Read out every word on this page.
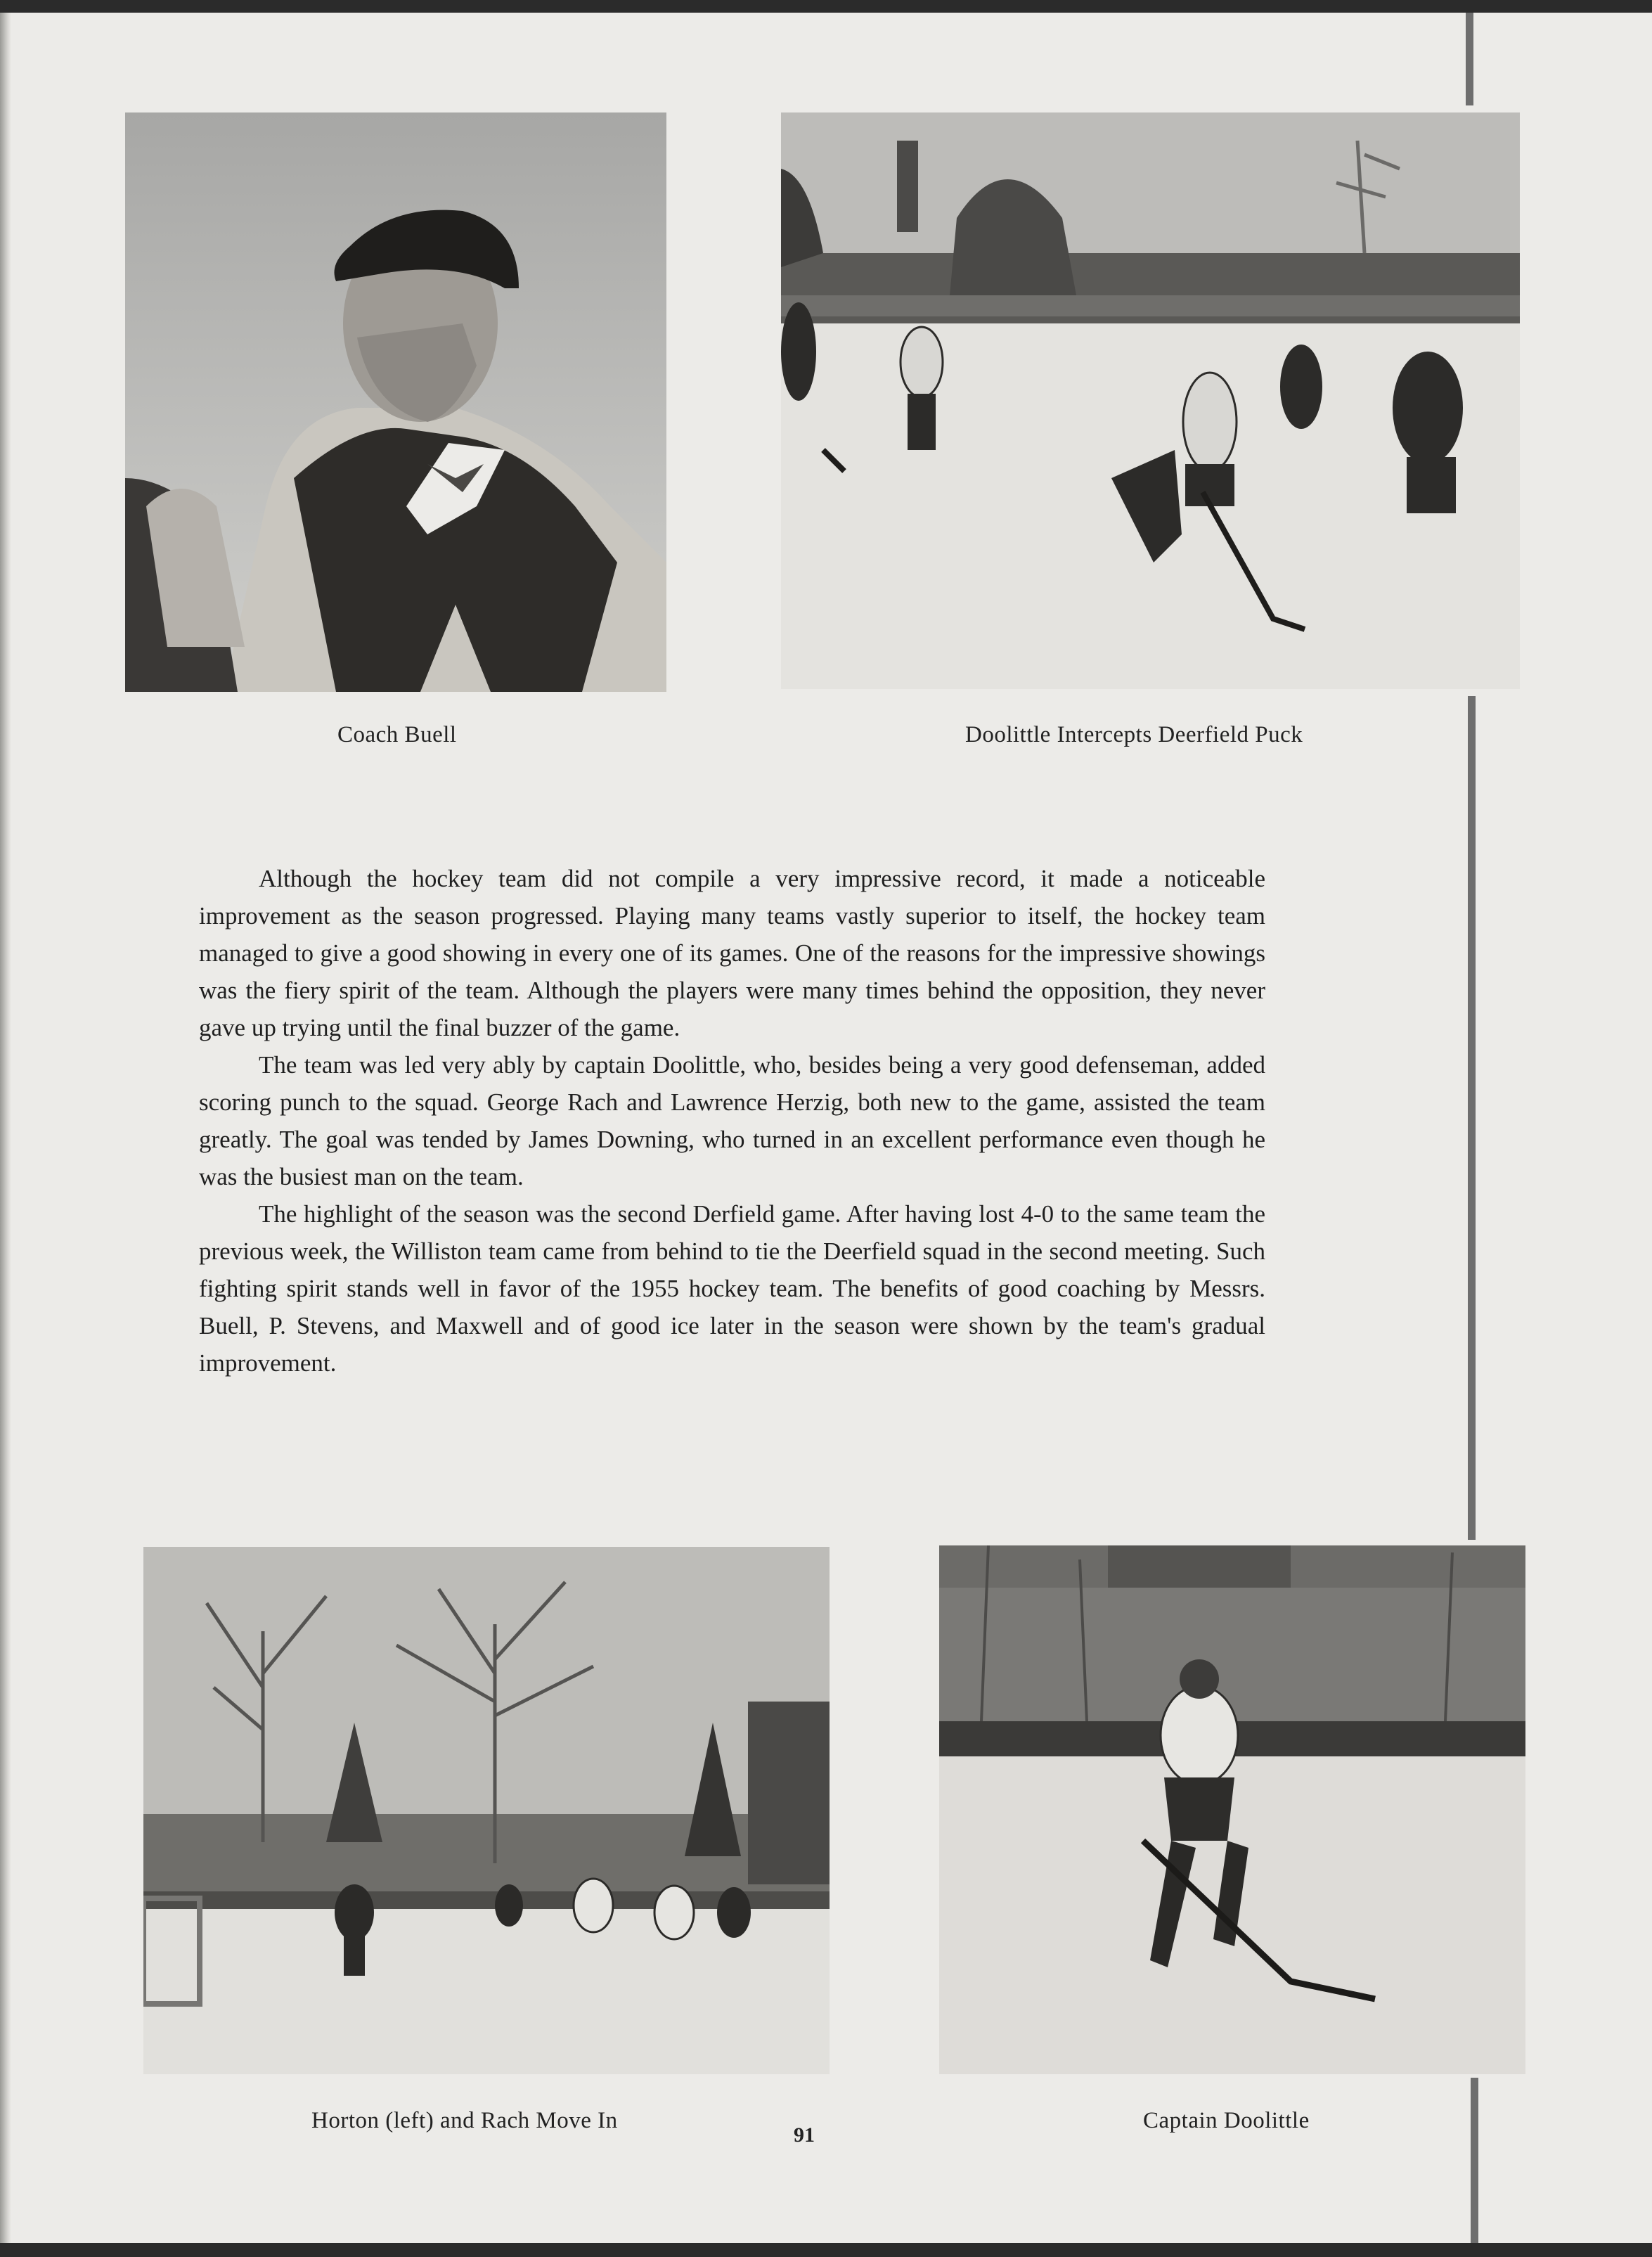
Coach Buell	Doolittle Intercepts Deerfield Puck

Although the hockey team did not compile a very impressive record, it made a noticeable improvement as the season progressed. Playing many teams vastly superior to itself, the hockey team managed to give a good showing in every one of its games. One of the reasons for the impressive showings was the fiery spirit of the team. Although the players were many times behind the opposition, they never gave up trying until the final buzzer of the game.

The team was led very ably by captain Doolittle, who, besides being a very good defenseman, added scoring punch to the squad. George Rach and Lawrence Herzig, both new to the game, assisted the team greatly. The goal was tended by James Downing, who turned in an excellent performance even though he was the busiest man on the team.

The highlight of the season was the second Derfield game. After having lost 4-0 to the same team the previous week, the Williston team came from behind to tie the Deerfield squad in the second meeting. Such fighting spirit stands well in favor of the 1955 hockey team. The benefits of good coaching by Messrs. Buell, P. Stevens, and Maxwell and of good ice later in the season were shown by the team's gradual improvement.

Horton (left) and Rach Move In	Captain Doolittle
91
